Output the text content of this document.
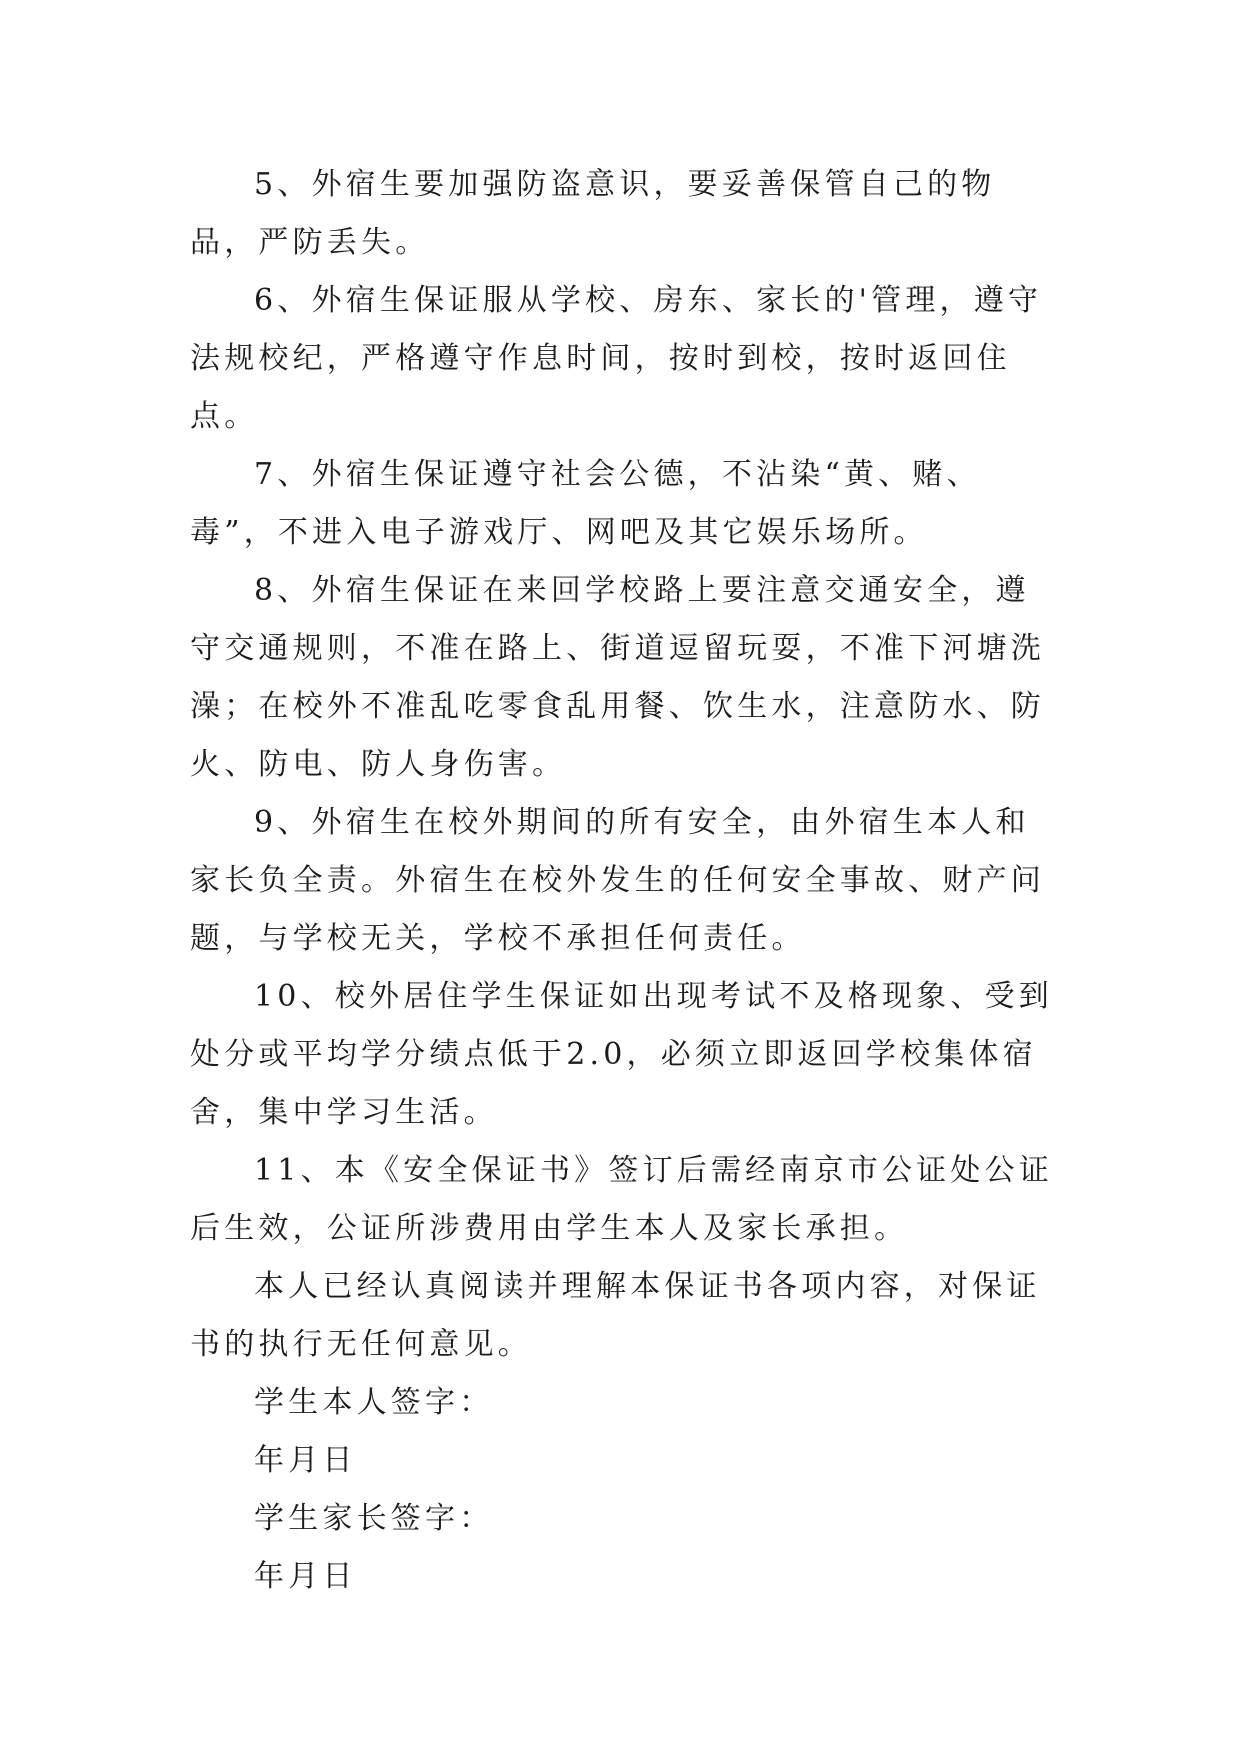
5、外宿生要加强防盗意识，要妥善保管自己的物品，严防丢失。

6、外宿生保证服从学校、房东、家长的'管理，遵守法规校纪，严格遵守作息时间，按时到校，按时返回住点。

7、外宿生保证遵守社会公德，不沾染“黄、赌、毒”，不进入电子游戏厅、网吧及其它娱乐场所。

8、外宿生保证在来回学校路上要注意交通安全，遵守交通规则，不准在路上、街道逗留玩耍，不准下河塘洗澡；在校外不准乱吃零食乱用餐、饮生水，注意防水、防火、防电、防人身伤害。

9、外宿生在校外期间的所有安全，由外宿生本人和家长负全责。外宿生在校外发生的任何安全事故、财产问题，与学校无关，学校不承担任何责任。

10、校外居住学生保证如出现考试不及格现象、受到处分或平均学分绩点低于2.0，必须立即返回学校集体宿舍，集中学习生活。

11、本《安全保证书》签订后需经南京市公证处公证后生效，公证所涉费用由学生本人及家长承担。

本人已经认真阅读并理解本保证书各项内容，对保证书的执行无任何意见。

学生本人签字：

年月日

学生家长签字：

年月日
